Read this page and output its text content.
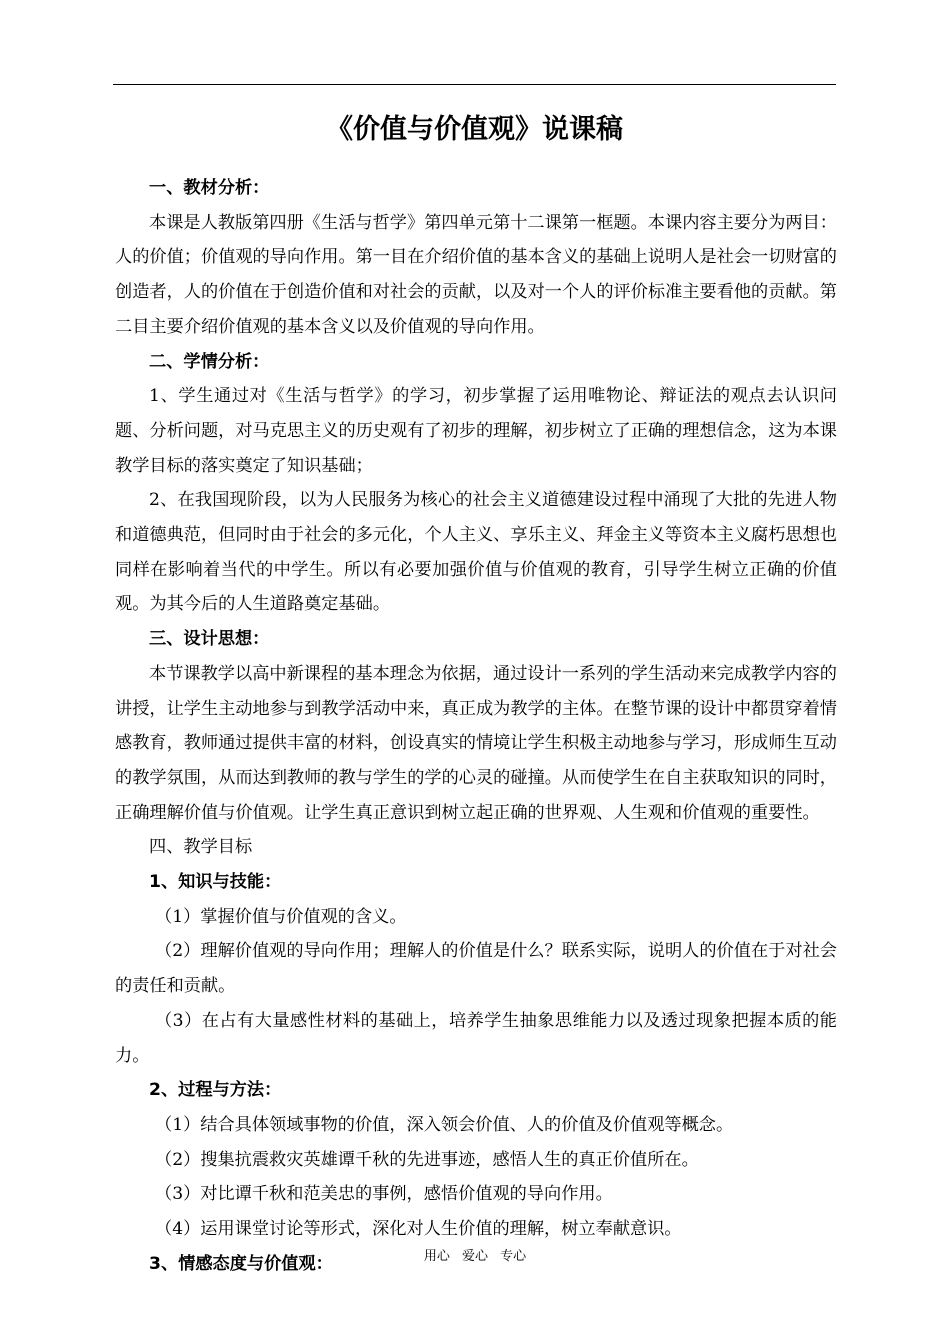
《价值与价值观》说课稿

一、教材分析：

本课是人教版第四册《生活与哲学》第四单元第十二课第一框题。本课内容主要分为两目：人的价值；价值观的导向作用。第一目在介绍价值的基本含义的基础上说明人是社会一切财富的创造者，人的价值在于创造价值和对社会的贡献，以及对一个人的评价标准主要看他的贡献。第二目主要介绍价值观的基本含义以及价值观的导向作用。

二、学情分析：

1、学生通过对《生活与哲学》的学习，初步掌握了运用唯物论、辩证法的观点去认识问题、分析问题，对马克思主义的历史观有了初步的理解，初步树立了正确的理想信念，这为本课教学目标的落实奠定了知识基础；

2、在我国现阶段，以为人民服务为核心的社会主义道德建设过程中涌现了大批的先进人物和道德典范，但同时由于社会的多元化，个人主义、享乐主义、拜金主义等资本主义腐朽思想也同样在影响着当代的中学生。所以有必要加强价值与价值观的教育，引导学生树立正确的价值观。为其今后的人生道路奠定基础。

三、设计思想：

本节课教学以高中新课程的基本理念为依据，通过设计一系列的学生活动来完成教学内容的讲授，让学生主动地参与到教学活动中来，真正成为教学的主体。在整节课的设计中都贯穿着情感教育，教师通过提供丰富的材料，创设真实的情境让学生积极主动地参与学习，形成师生互动的教学氛围，从而达到教师的教与学生的学的心灵的碰撞。从而使学生在自主获取知识的同时，正确理解价值与价值观。让学生真正意识到树立起正确的世界观、人生观和价值观的重要性。

四、教学目标

1、知识与技能：

（1）掌握价值与价值观的含义。

（2）理解价值观的导向作用；理解人的价值是什么？联系实际，说明人的价值在于对社会的责任和贡献。

（3）在占有大量感性材料的基础上，培养学生抽象思维能力以及透过现象把握本质的能力。

2、过程与方法：

（1）结合具体领域事物的价值，深入领会价值、人的价值及价值观等概念。

（2）搜集抗震救灾英雄谭千秋的先进事迹，感悟人生的真正价值所在。

（3）对比谭千秋和范美忠的事例，感悟价值观的导向作用。

（4）运用课堂讨论等形式，深化对人生价值的理解，树立奉献意识。

3、情感态度与价值观：	用心 爱心 专心
